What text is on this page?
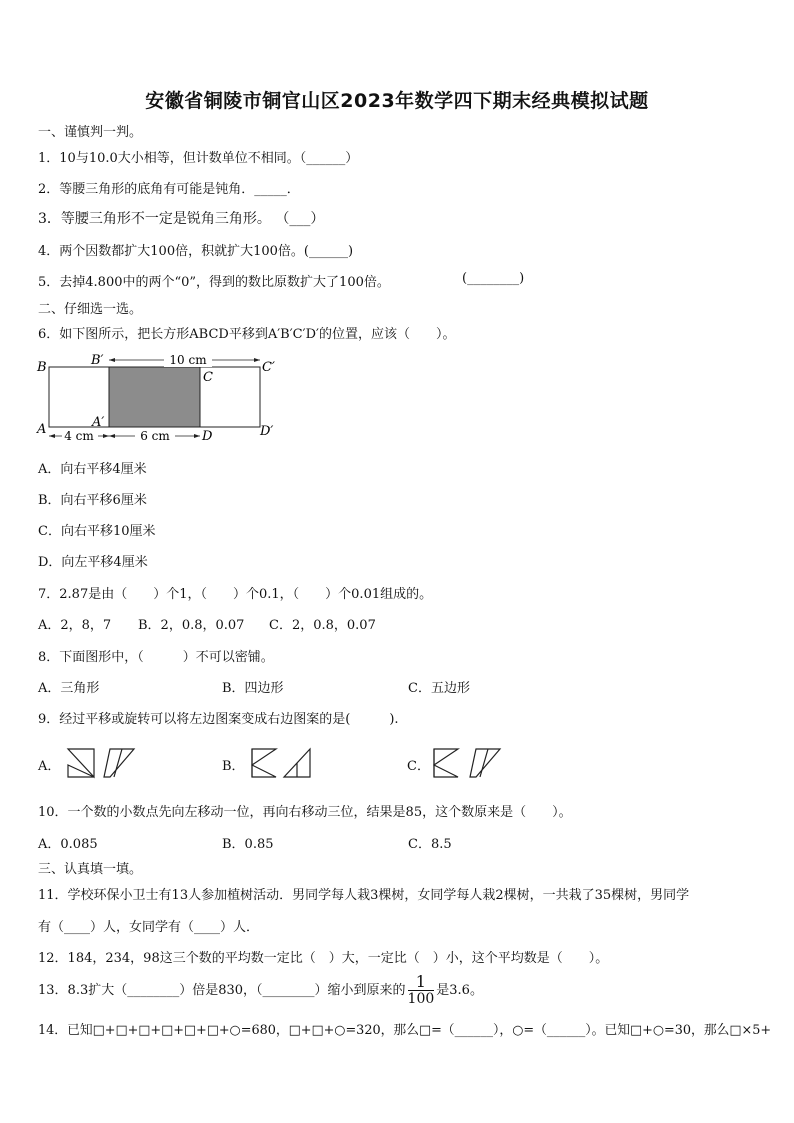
安徽省铜陵市铜官山区2023年数学四下期末经典模拟试题
一、谨慎判一判。
1．10与10.0大小相等，但计数单位不相同。（______）
2．等腰三角形的底角有可能是钝角．_____．
3．等腰三角形不一定是锐角三角形。 （___）
4．两个因数都扩大100倍，积就扩大100倍。(______)
5．去掉4.800中的两个“0”，得到的数比原数扩大了100倍。	(________)
二、仔细选一选。
6．如下图所示，把长方形ABCD平移到A′B′C′D′的位置，应该（　　）。
10 cm
4 cm	6 cm
B	B′
C
C′
A	A′
D	D′
A．向右平移4厘米
B．向右平移6厘米
C．向右平移10厘米
D．向左平移4厘米
7．2.87是由（　　）个1，（　　）个0.1，（　　）个0.01组成的。
A．2，8，7 B．2，0.8，0.07 C．2，0.8，0.07
8．下面图形中，（　　　）不可以密铺。
A．三角形	B．四边形	C．五边形
9．经过平移或旋转可以将左边图案变成右边图案的是(　　　).
A．	B．	C．
10．一个数的小数点先向左移动一位，再向右移动三位，结果是85，这个数原来是（　　）。
A．0.085	B．0.85	C．8.5
三、认真填一填。
11．学校环保小卫士有13人参加植树活动．男同学每人栽3棵树，女同学每人栽2棵树，一共栽了35棵树，男同学
有（____）人，女同学有（____）人．
12．184，234，98这三个数的平均数一定比（　）大，一定比（　）小，这个平均数是（　　）。
13．8.3扩大（________）倍是830，（________）缩小到原来的 $\frac{1}{100}$ 是3.6。
14．已知□+□+□+□+□+□+○=680，□+□+○=320，那么□=（______），○=（______）。已知□+○=30，那么□×5+
